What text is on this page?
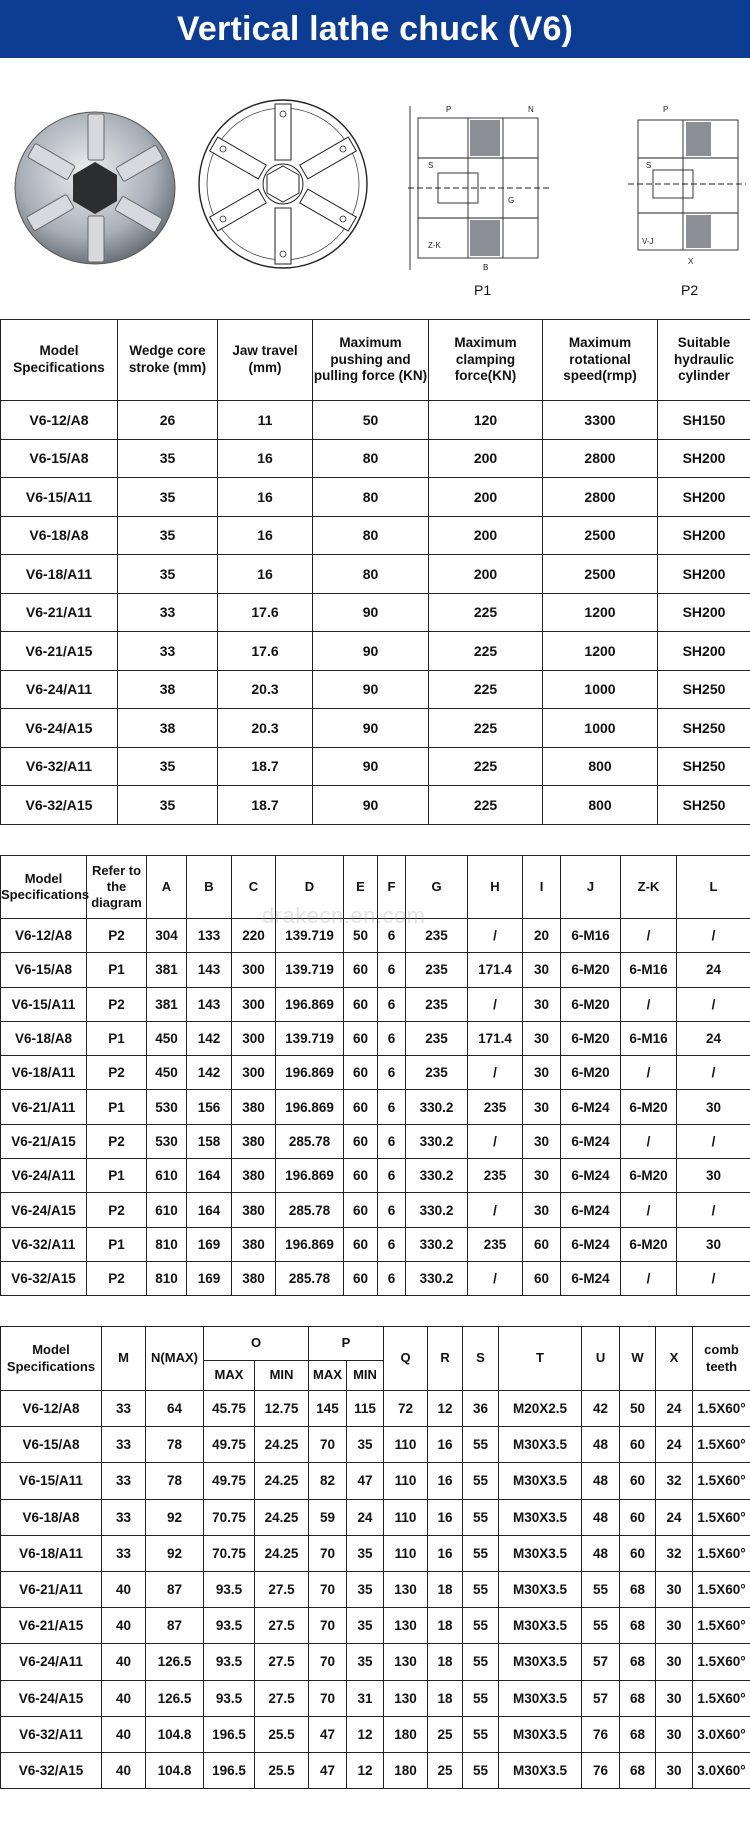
Vertical lathe chuck (V6)
P	N
S
G
Z-K
B
P1
P
S
V-J
X
P2
Model Specifications	Wedge core stroke (mm)	Jaw travel (mm)	Maximum pushing and pulling force (KN)	Maximum clamping force(KN)	Maximum rotational speed(rmp)	Suitable hydraulic cylinder
V6-12/A8	26	11	50	120	3300	SH150
V6-15/A8	35	16	80	200	2800	SH200
V6-15/A11	35	16	80	200	2800	SH200
V6-18/A8	35	16	80	200	2500	SH200
V6-18/A11	35	16	80	200	2500	SH200
V6-21/A11	33	17.6	90	225	1200	SH200
V6-21/A15	33	17.6	90	225	1200	SH200
V6-24/A11	38	20.3	90	225	1000	SH250
V6-24/A15	38	20.3	90	225	1000	SH250
V6-32/A11	35	18.7	90	225	800	SH250
V6-32/A15	35	18.7	90	225	800	SH250
Model Specifications	Refer to the diagram	A	B	C	D	E	F	G	H	I	J	Z-K	L
V6-12/A8	P2	304	133	220	139.719	50	6	235	/	20	6-M16	/	/
V6-15/A8	P1	381	143	300	139.719	60	6	235	171.4	30	6-M20	6-M16	24
V6-15/A11	P2	381	143	300	196.869	60	6	235	/	30	6-M20	/	/
V6-18/A8	P1	450	142	300	139.719	60	6	235	171.4	30	6-M20	6-M16	24
V6-18/A11	P2	450	142	300	196.869	60	6	235	/	30	6-M20	/	/
V6-21/A11	P1	530	156	380	196.869	60	6	330.2	235	30	6-M24	6-M20	30
V6-21/A15	P2	530	158	380	285.78	60	6	330.2	/	30	6-M24	/	/
V6-24/A11	P1	610	164	380	196.869	60	6	330.2	235	30	6-M24	6-M20	30
V6-24/A15	P2	610	164	380	285.78	60	6	330.2	/	30	6-M24	/	/
V6-32/A11	P1	810	169	380	196.869	60	6	330.2	235	60	6-M24	6-M20	30
V6-32/A15	P2	810	169	380	285.78	60	6	330.2	/	60	6-M24	/	/
drakecn.en.com
Model Specifications	M	N(MAX)	O		P		Q	R	S	T	U	W	X	comb teeth
			MAX	MIN	MAX	MIN								
V6-12/A8	33	64	45.75	12.75	145	115	72	12	36	M20X2.5	42	50	24	1.5X60°
V6-15/A8	33	78	49.75	24.25	70	35	110	16	55	M30X3.5	48	60	24	1.5X60°
V6-15/A11	33	78	49.75	24.25	82	47	110	16	55	M30X3.5	48	60	32	1.5X60°
V6-18/A8	33	92	70.75	24.25	59	24	110	16	55	M30X3.5	48	60	24	1.5X60°
V6-18/A11	33	92	70.75	24.25	70	35	110	16	55	M30X3.5	48	60	32	1.5X60°
V6-21/A11	40	87	93.5	27.5	70	35	130	18	55	M30X3.5	55	68	30	1.5X60°
V6-21/A15	40	87	93.5	27.5	70	35	130	18	55	M30X3.5	55	68	30	1.5X60°
V6-24/A11	40	126.5	93.5	27.5	70	35	130	18	55	M30X3.5	57	68	30	1.5X60°
V6-24/A15	40	126.5	93.5	27.5	70	31	130	18	55	M30X3.5	57	68	30	1.5X60°
V6-32/A11	40	104.8	196.5	25.5	47	12	180	25	55	M30X3.5	76	68	30	3.0X60°
V6-32/A15	40	104.8	196.5	25.5	47	12	180	25	55	M30X3.5	76	68	30	3.0X60°
